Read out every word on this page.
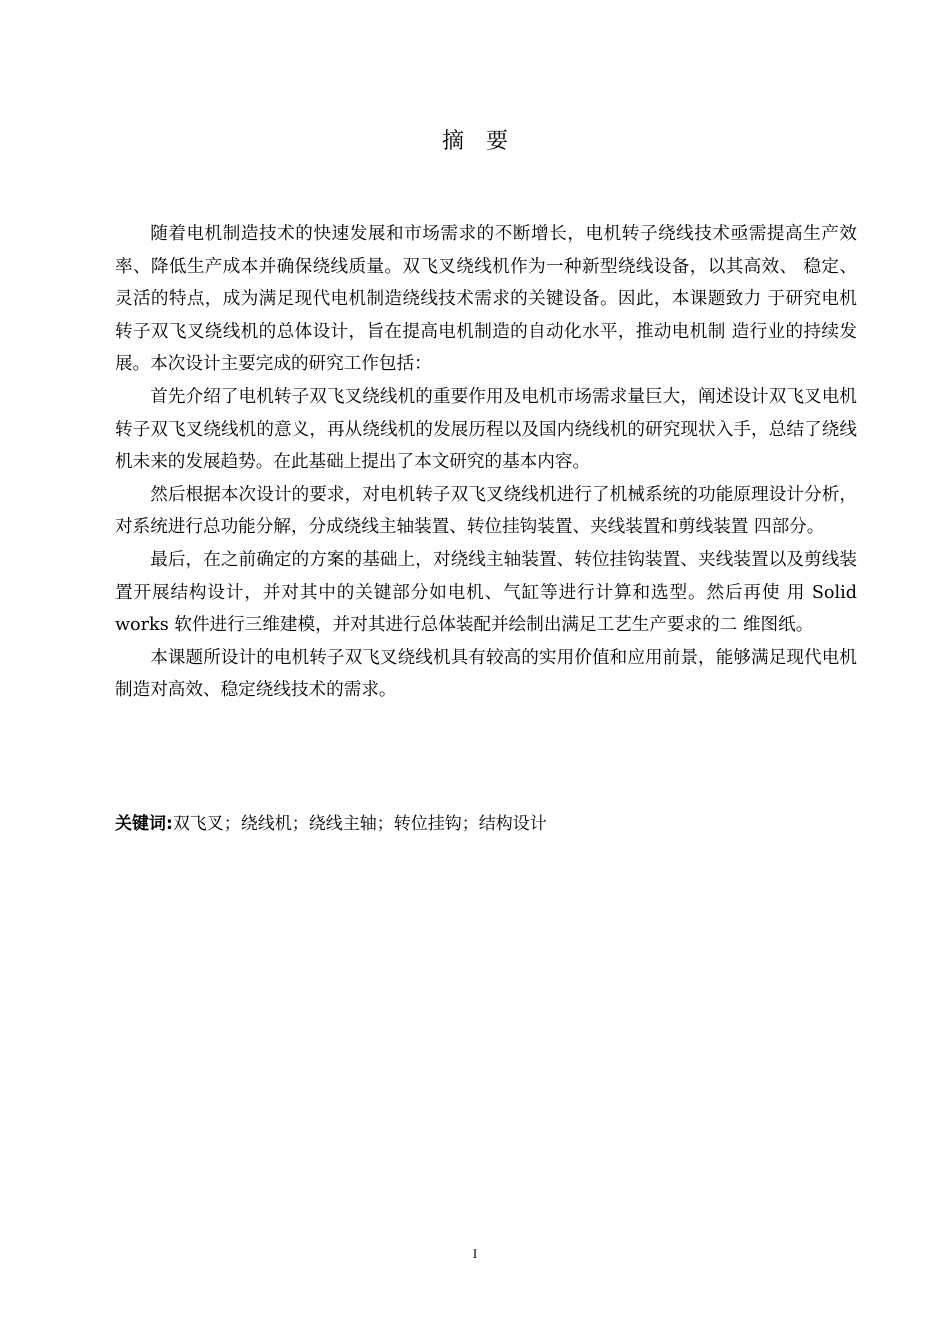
摘 要

随着电机制造技术的快速发展和市场需求的不断增长，电机转子绕线技术亟需提高生产效率、降低生产成本并确保绕线质量。双飞叉绕线机作为一种新型绕线设备，以其高效、 稳定、灵活的特点，成为满足现代电机制造绕线技术需求的关键设备。因此，本课题致力 于研究电机转子双飞叉绕线机的总体设计，旨在提高电机制造的自动化水平，推动电机制 造行业的持续发展。本次设计主要完成的研究工作包括：

首先介绍了电机转子双飞叉绕线机的重要作用及电机市场需求量巨大，阐述设计双飞叉电机转子双飞叉绕线机的意义，再从绕线机的发展历程以及国内绕线机的研究现状入手，总结了绕线机未来的发展趋势。在此基础上提出了本文研究的基本内容。

然后根据本次设计的要求，对电机转子双飞叉绕线机进行了机械系统的功能原理设计分析，对系统进行总功能分解，分成绕线主轴装置、转位挂钩装置、夹线装置和剪线装置 四部分。

最后，在之前确定的方案的基础上，对绕线主轴装置、转位挂钩装置、夹线装置以及剪线装置开展结构设计，并对其中的关键部分如电机、气缸等进行计算和选型。然后再使 用 Solid works 软件进行三维建模，并对其进行总体装配并绘制出满足工艺生产要求的二 维图纸。

本课题所设计的电机转子双飞叉绕线机具有较高的实用价值和应用前景，能够满足现代电机制造对高效、稳定绕线技术的需求。

关键词:双飞叉；绕线机；绕线主轴；转位挂钩；结构设计
I
